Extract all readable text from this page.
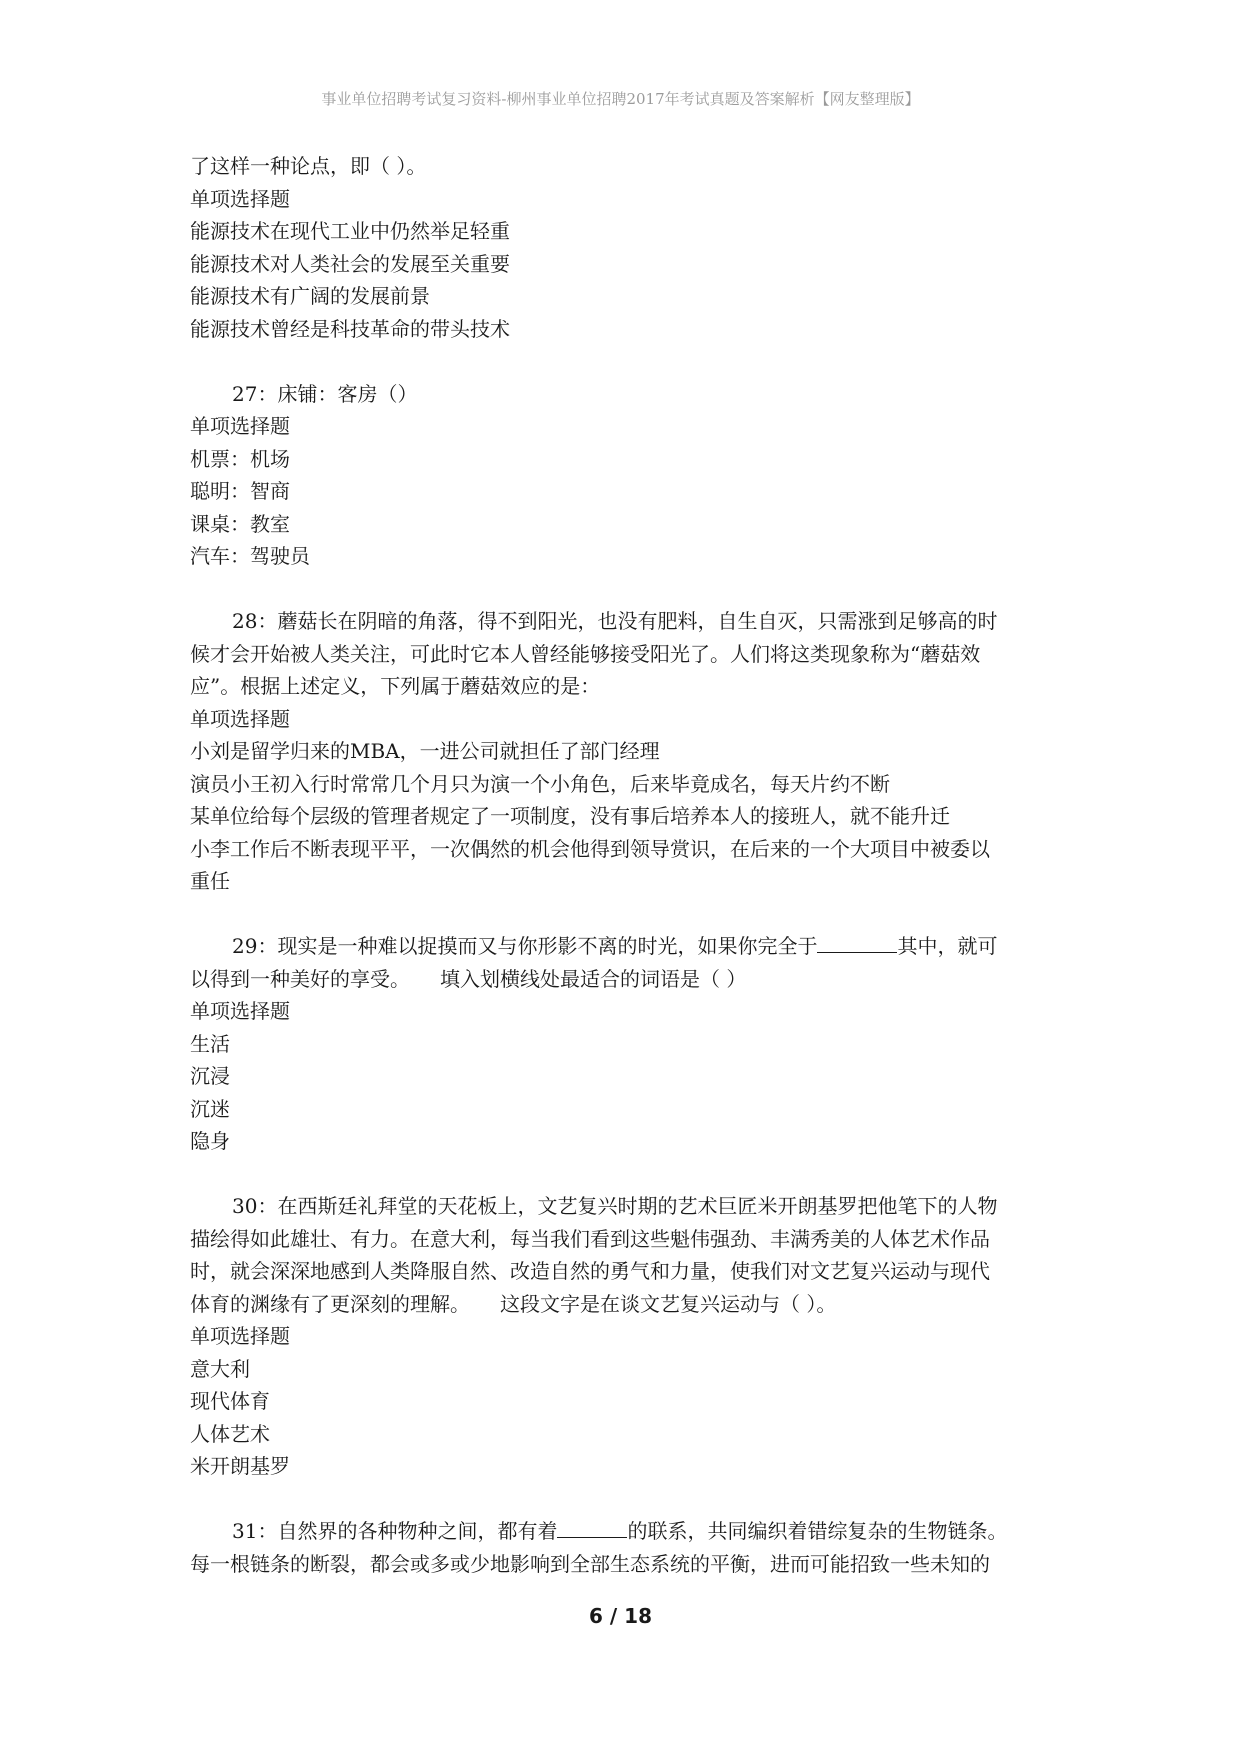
事业单位招聘考试复习资料-柳州事业单位招聘2017年考试真题及答案解析【网友整理版】
了这样一种论点，即（ ）。
单项选择题
能源技术在现代工业中仍然举足轻重
能源技术对人类社会的发展至关重要
能源技术有广阔的发展前景
能源技术曾经是科技革命的带头技术
27：床铺：客房（）
单项选择题
机票：机场
聪明：智商
课桌：教室
汽车：驾驶员
28：蘑菇长在阴暗的角落，得不到阳光，也没有肥料，自生自灭，只需涨到足够高的时
候才会开始被人类关注，可此时它本人曾经能够接受阳光了。人们将这类现象称为“蘑菇效
应”。根据上述定义，下列属于蘑菇效应的是：
单项选择题
小刘是留学归来的MBA，一进公司就担任了部门经理
演员小王初入行时常常几个月只为演一个小角色，后来毕竟成名，每天片约不断
某单位给每个层级的管理者规定了一项制度，没有事后培养本人的接班人，就不能升迁
小李工作后不断表现平平，一次偶然的机会他得到领导赏识，在后来的一个大项目中被委以
重任
29：现实是一种难以捉摸而又与你形影不离的时光，如果你完全于	其中，就可
以得到一种美好的享受。　　填入划横线处最适合的词语是（ ）
单项选择题
生活
沉浸
沉迷
隐身
30：在西斯廷礼拜堂的天花板上，文艺复兴时期的艺术巨匠米开朗基罗把他笔下的人物
描绘得如此雄壮、有力。在意大利，每当我们看到这些魁伟强劲、丰满秀美的人体艺术作品
时，就会深深地感到人类降服自然、改造自然的勇气和力量，使我们对文艺复兴运动与现代
体育的渊缘有了更深刻的理解。　　这段文字是在谈文艺复兴运动与（ ）。
单项选择题
意大利
现代体育
人体艺术
米开朗基罗
31：自然界的各种物种之间，都有着	的联系，共同编织着错综复杂的生物链条。
每一根链条的断裂，都会或多或少地影响到全部生态系统的平衡，进而可能招致一些未知的
6 / 18
